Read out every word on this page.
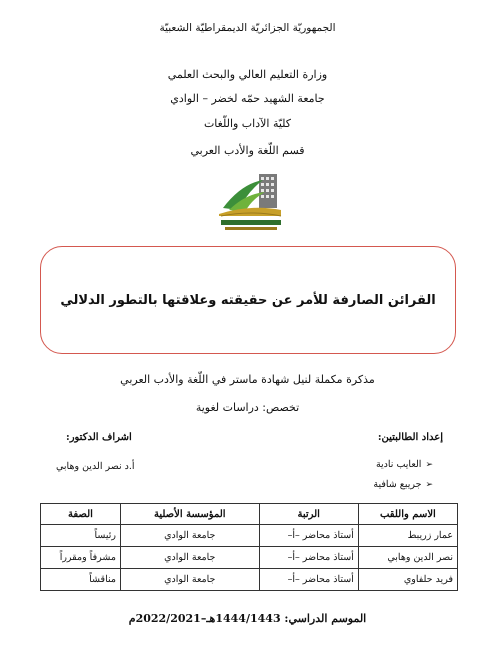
الجمهوريّة الجزائريّة الديمقراطيّة الشعبيّة
وزارة التعليم العالي والبحث العلمي
جامعة الشهيد حمّه لخضر – الوادي
كليّة الآداب واللّغات
قسم اللّغة والأدب العربي
القرائن الصارفة للأمر عن حقيقته وعلاقتها بالتطور الدلالي
مذكرة مكملة لنيل شهادة ماستر في اللّغة والأدب العربي
تخصص: دراسات لغوية
إعداد الطالبتين:
اشراف الدكتور:
➢العايب نادية
➢جريبع شافية
أ.د نصر الدين وهابي
الاسم واللقب	الرتبة	المؤسسة الأصلية	الصفة
عمار زريبط	أستاذ محاضر –أ–	جامعة الوادي	رئيساً
نصر الدين وهابي	أستاذ محاضر –أ–	جامعة الوادي	مشرفاً ومقرراً
فريد حلفاوي	أستاذ محاضر –أ–	جامعة الوادي	مناقشاً
الموسم الدراسي: 1444/1443هـ–2022/2021م
